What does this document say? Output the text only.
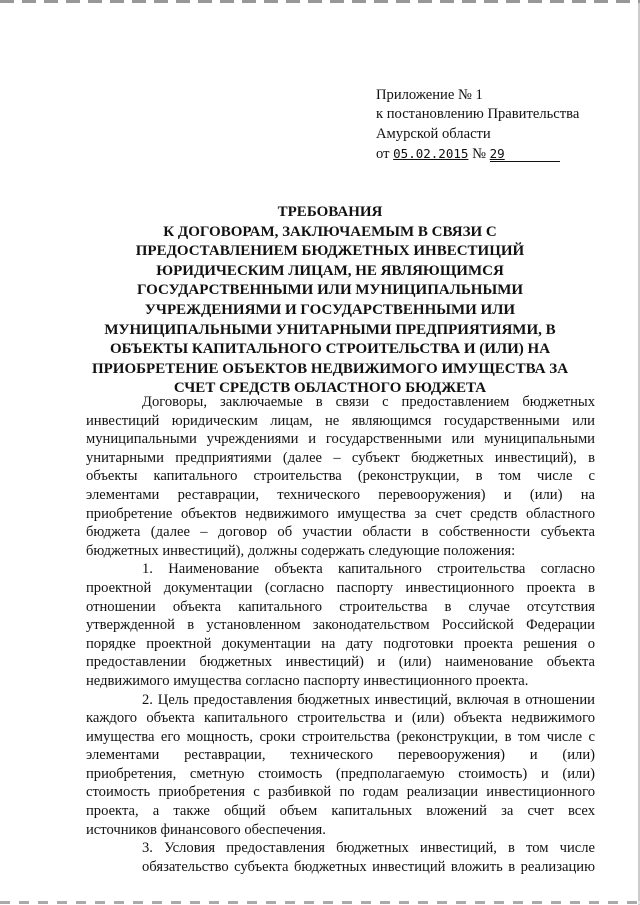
Приложение № 1
к постановлению Правительства
Амурской области
от 05.02.2015 № 29
ТРЕБОВАНИЯ
К ДОГОВОРАМ, ЗАКЛЮЧАЕМЫМ В СВЯЗИ С
ПРЕДОСТАВЛЕНИЕМ БЮДЖЕТНЫХ ИНВЕСТИЦИЙ
ЮРИДИЧЕСКИМ ЛИЦАМ, НЕ ЯВЛЯЮЩИМСЯ
ГОСУДАРСТВЕННЫМИ ИЛИ МУНИЦИПАЛЬНЫМИ
УЧРЕЖДЕНИЯМИ И ГОСУДАРСТВЕННЫМИ ИЛИ
МУНИЦИПАЛЬНЫМИ УНИТАРНЫМИ ПРЕДПРИЯТИЯМИ, В
ОБЪЕКТЫ КАПИТАЛЬНОГО СТРОИТЕЛЬСТВА И (ИЛИ) НА
ПРИОБРЕТЕНИЕ ОБЪЕКТОВ НЕДВИЖИМОГО ИМУЩЕСТВА ЗА
СЧЕТ СРЕДСТВ ОБЛАСТНОГО БЮДЖЕТА
Договоры, заключаемые в связи с предоставлением бюджетных
инвестиций юридическим лицам, не являющимся государственными или
муниципальными учреждениями и государственными или муниципальными
унитарными предприятиями (далее – субъект бюджетных инвестиций), в
объекты капитального строительства (реконструкции, в том числе с
элементами реставрации, технического перевооружения) и (или) на
приобретение объектов недвижимого имущества за счет средств областного
бюджета (далее – договор об участии области в собственности субъекта
бюджетных инвестиций), должны содержать следующие положения:
1. Наименование объекта капитального строительства согласно
проектной документации (согласно паспорту инвестиционного проекта в
отношении объекта капитального строительства в случае отсутствия
утвержденной в установленном законодательством Российской Федерации
порядке проектной документации на дату подготовки проекта решения о
предоставлении бюджетных инвестиций) и (или) наименование объекта
недвижимого имущества согласно паспорту инвестиционного проекта.
2. Цель предоставления бюджетных инвестиций, включая в отношении
каждого объекта капитального строительства и (или) объекта недвижимого
имущества его мощность, сроки строительства (реконструкции, в том числе с
элементами реставрации, технического перевооружения) и (или)
приобретения, сметную стоимость (предполагаемую стоимость) и (или)
стоимость приобретения с разбивкой по годам реализации инвестиционного
проекта, а также общий объем капитальных вложений за счет всех
источников финансового обеспечения.
3. Условия предоставления бюджетных инвестиций, в том числе
обязательство субъекта бюджетных инвестиций вложить в реализацию
